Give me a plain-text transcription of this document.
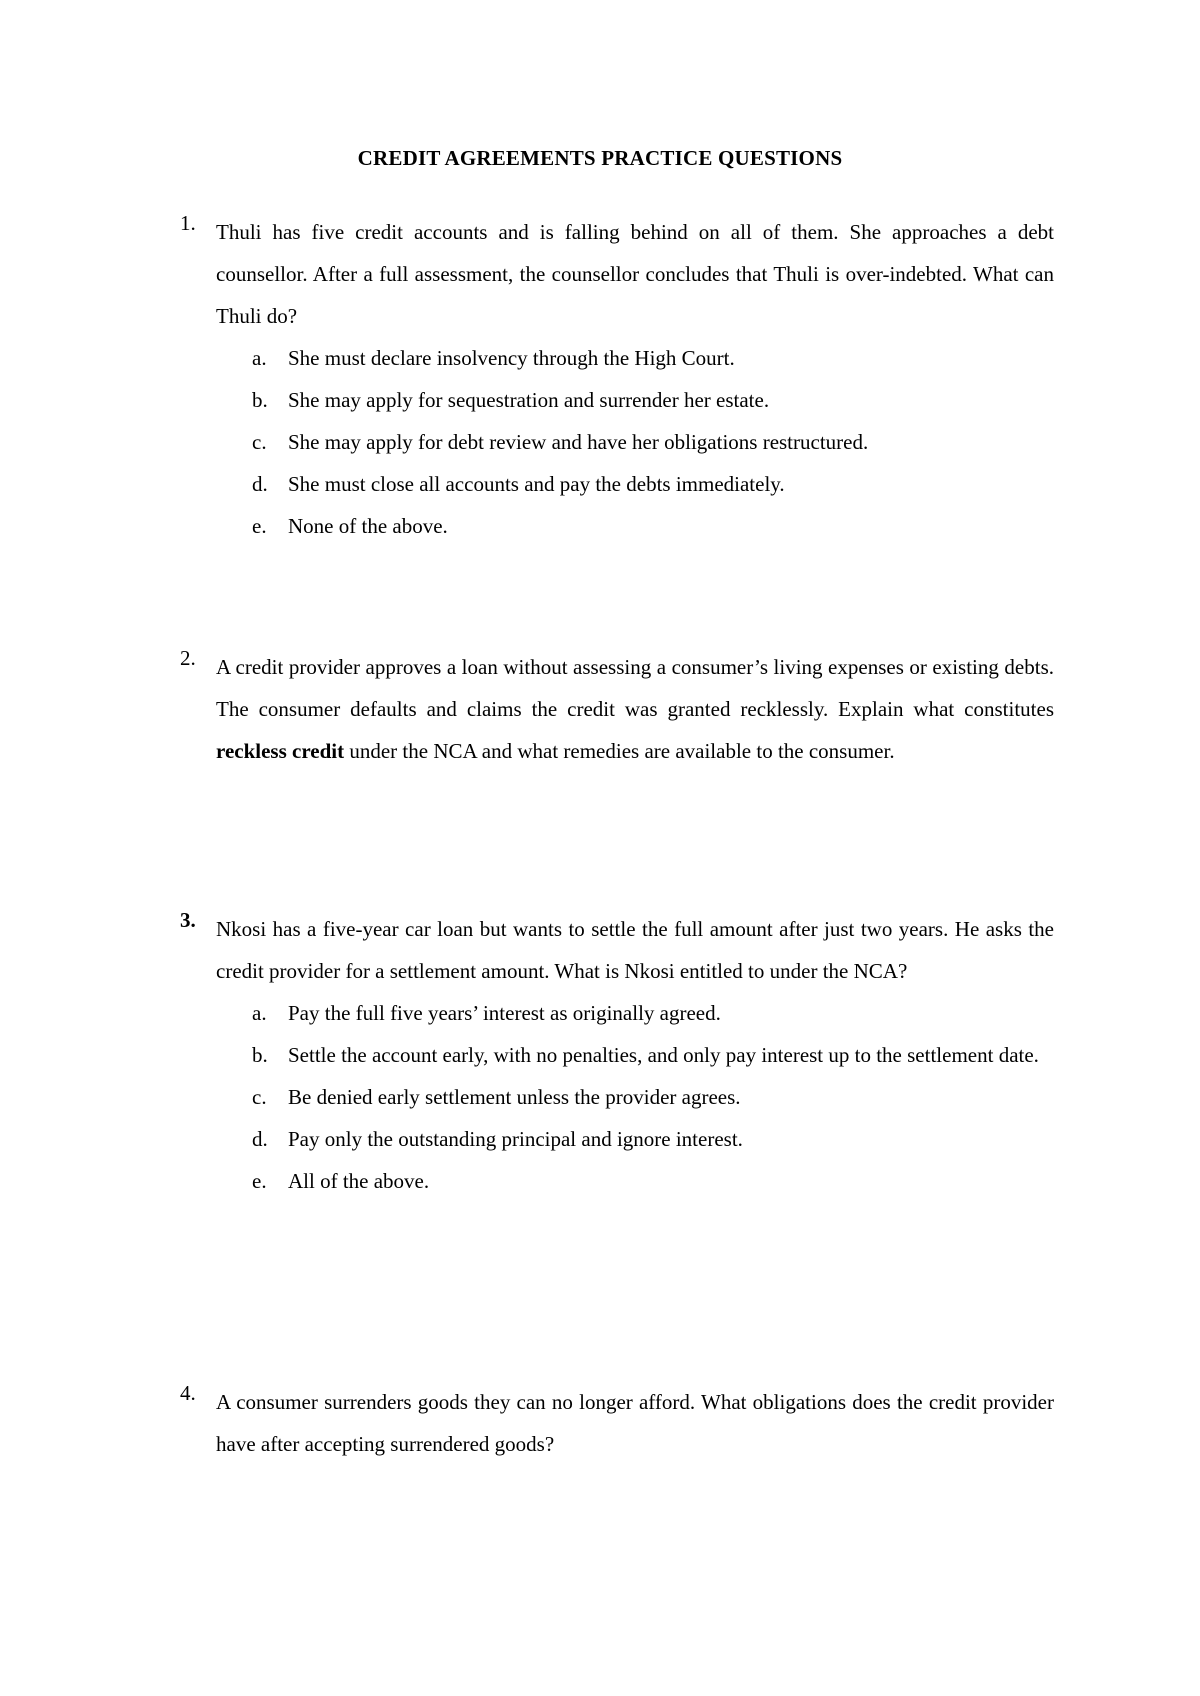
CREDIT AGREEMENTS PRACTICE QUESTIONS
1. Thuli has five credit accounts and is falling behind on all of them. She approaches a debt counsellor. After a full assessment, the counsellor concludes that Thuli is over-indebted. What can Thuli do?

a. She must declare insolvency through the High Court.
b. She may apply for sequestration and surrender her estate.
c. She may apply for debt review and have her obligations restructured.
d. She must close all accounts and pay the debts immediately.
e. None of the above.
2. A credit provider approves a loan without assessing a consumer’s living expenses or existing debts. The consumer defaults and claims the credit was granted recklessly. Explain what constitutes reckless credit under the NCA and what remedies are available to the consumer.

3. Nkosi has a five-year car loan but wants to settle the full amount after just two years. He asks the credit provider for a settlement amount. What is Nkosi entitled to under the NCA?

a. Pay the full five years’ interest as originally agreed.
b. Settle the account early, with no penalties, and only pay interest up to the settlement date.
c. Be denied early settlement unless the provider agrees.
d. Pay only the outstanding principal and ignore interest.
e. All of the above.
4. A consumer surrenders goods they can no longer afford. What obligations does the credit provider have after accepting surrendered goods?
